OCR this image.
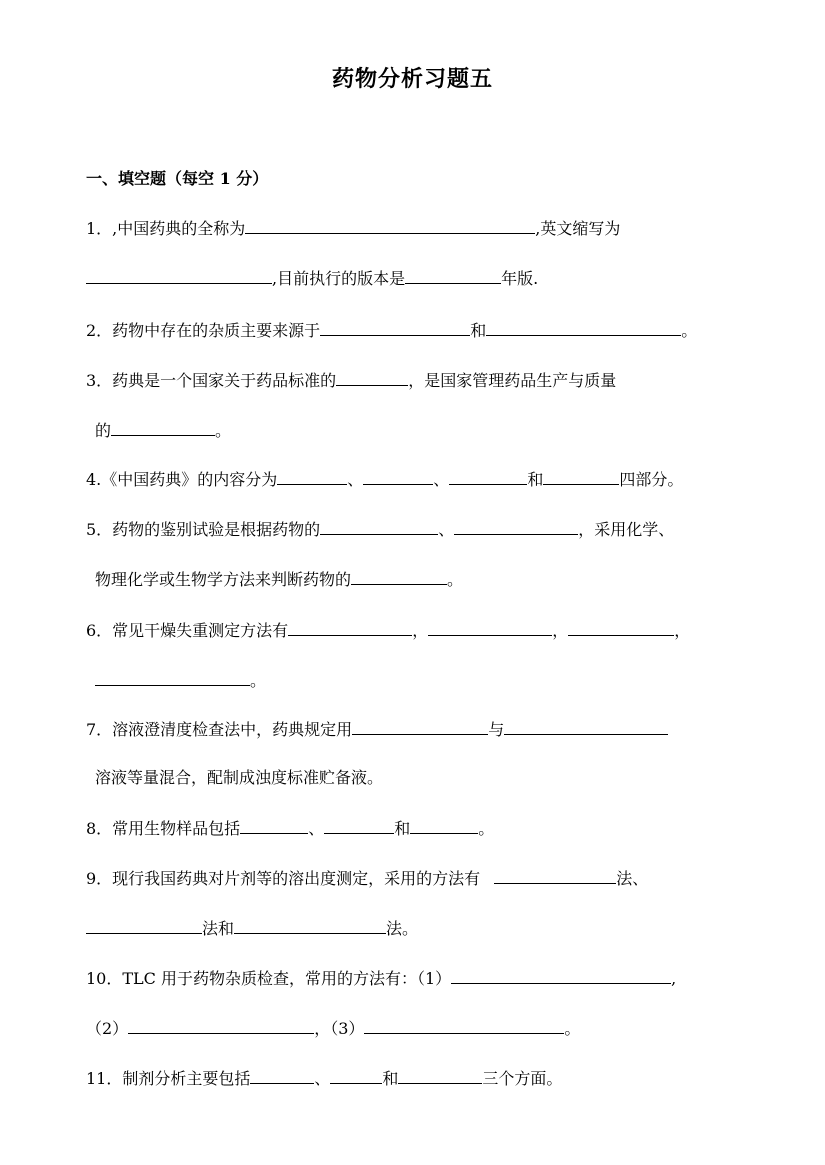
药物分析习题五
一、填空题（每空 1 分）
1．,中国药典的全称为	,英文缩写为
,目前执行的版本是	年版.
2．药物中存在的杂质主要来源于	和	。
3．药典是一个国家关于药品标准的	，是国家管理药品生产与质量
的	。
4.《中国药典》的内容分为	、	、	和	四部分。
5．药物的鉴别试验是根据药物的	、	，采用化学、
物理化学或生物学方法来判断药物的	。
6．常见干燥失重测定方法有	，	，	，
。
7．溶液澄清度检查法中，药典规定用	与
溶液等量混合，配制成浊度标准贮备液。
8．常用生物样品包括	、	和	。
9．现行我国药典对片剂等的溶出度测定，采用的方法有	法、
法和	法。
10．TLC 用于药物杂质检查，常用的方法有：（1）	,
（2）	，（3）	。
11．制剂分析主要包括	、	和	三个方面。
